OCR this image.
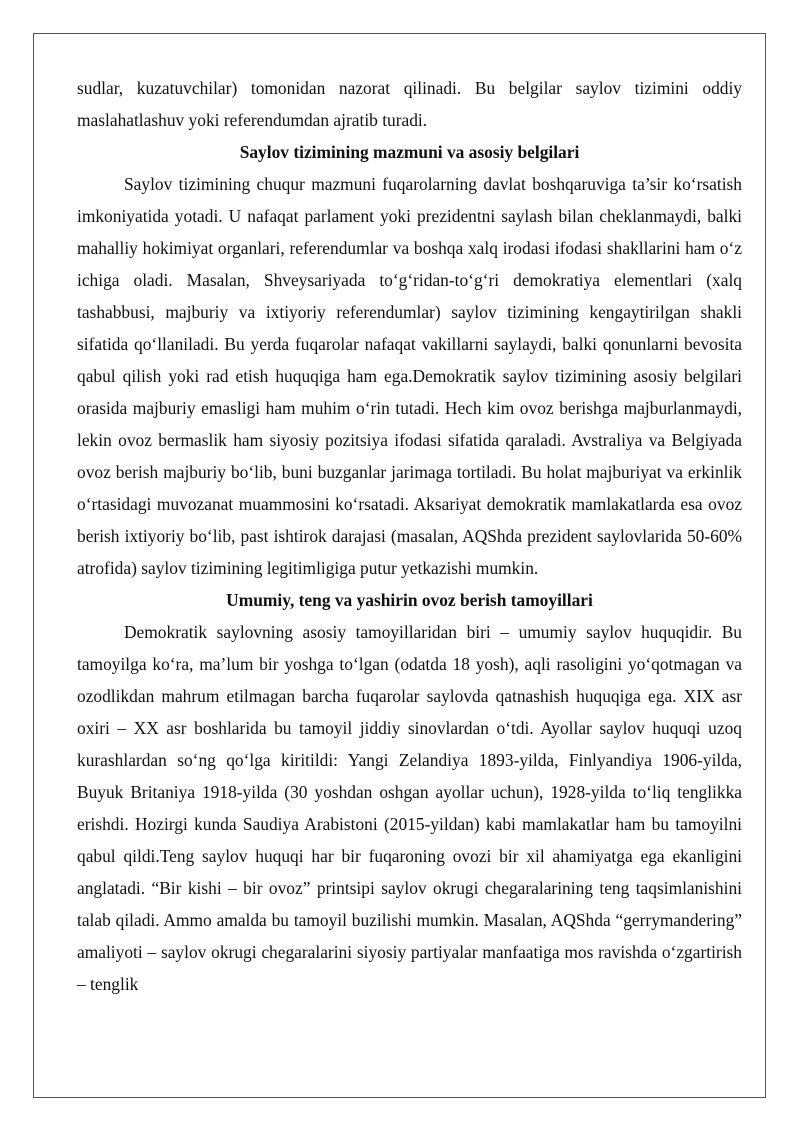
sudlar, kuzatuvchilar) tomonidan nazorat qilinadi. Bu belgilar saylov tizimini oddiy maslahatlashuv yoki referendumdan ajratib turadi.

Saylov tizimining mazmuni va asosiy belgilari

Saylov tizimining chuqur mazmuni fuqarolarning davlat boshqaruviga ta’sir ko‘rsatish imkoniyatida yotadi. U nafaqat parlament yoki prezidentni saylash bilan cheklanmaydi, balki mahalliy hokimiyat organlari, referendumlar va boshqa xalq irodasi ifodasi shakllarini ham o‘z ichiga oladi. Masalan, Shveysariyada to‘g‘ridan-to‘g‘ri demokratiya elementlari (xalq tashabbusi, majburiy va ixtiyoriy referendumlar) saylov tizimining kengaytirilgan shakli sifatida qo‘llaniladi. Bu yerda fuqarolar nafaqat vakillarni saylaydi, balki qonunlarni bevosita qabul qilish yoki rad etish huquqiga ham ega.Demokratik saylov tizimining asosiy belgilari orasida majburiy emasligi ham muhim o‘rin tutadi. Hech kim ovoz berishga majburlanmaydi, lekin ovoz bermaslik ham siyosiy pozitsiya ifodasi sifatida qaraladi. Avstraliya va Belgiyada ovoz berish majburiy bo‘lib, buni buzganlar jarimaga tortiladi. Bu holat majburiyat va erkinlik o‘rtasidagi muvozanat muammosini ko‘rsatadi. Aksariyat demokratik mamlakatlarda esa ovoz berish ixtiyoriy bo‘lib, past ishtirok darajasi (masalan, AQShda prezident saylovlarida 50-60% atrofida) saylov tizimining legitimligiga putur yetkazishi mumkin.

Umumiy, teng va yashirin ovoz berish tamoyillari

Demokratik saylovning asosiy tamoyillaridan biri – umumiy saylov huquqidir. Bu tamoyilga ko‘ra, ma’lum bir yoshga to‘lgan (odatda 18 yosh), aqli rasoligini yo‘qotmagan va ozodlikdan mahrum etilmagan barcha fuqarolar saylovda qatnashish huquqiga ega. XIX asr oxiri – XX asr boshlarida bu tamoyil jiddiy sinovlardan o‘tdi. Ayollar saylov huquqi uzoq kurashlardan so‘ng qo‘lga kiritildi: Yangi Zelandiya 1893-yilda, Finlyandiya 1906-yilda, Buyuk Britaniya 1918-yilda (30 yoshdan oshgan ayollar uchun), 1928-yilda to‘liq tenglikka erishdi. Hozirgi kunda Saudiya Arabistoni (2015-yildan) kabi mamlakatlar ham bu tamoyilni qabul qildi.Teng saylov huquqi har bir fuqaroning ovozi bir xil ahamiyatga ega ekanligini anglatadi. “Bir kishi – bir ovoz” printsipi saylov okrugi chegaralarining teng taqsimlanishini talab qiladi. Ammo amalda bu tamoyil buzilishi mumkin. Masalan, AQShda “gerrymandering” amaliyoti – saylov okrugi chegaralarini siyosiy partiyalar manfaatiga mos ravishda o‘zgartirish – tenglik
